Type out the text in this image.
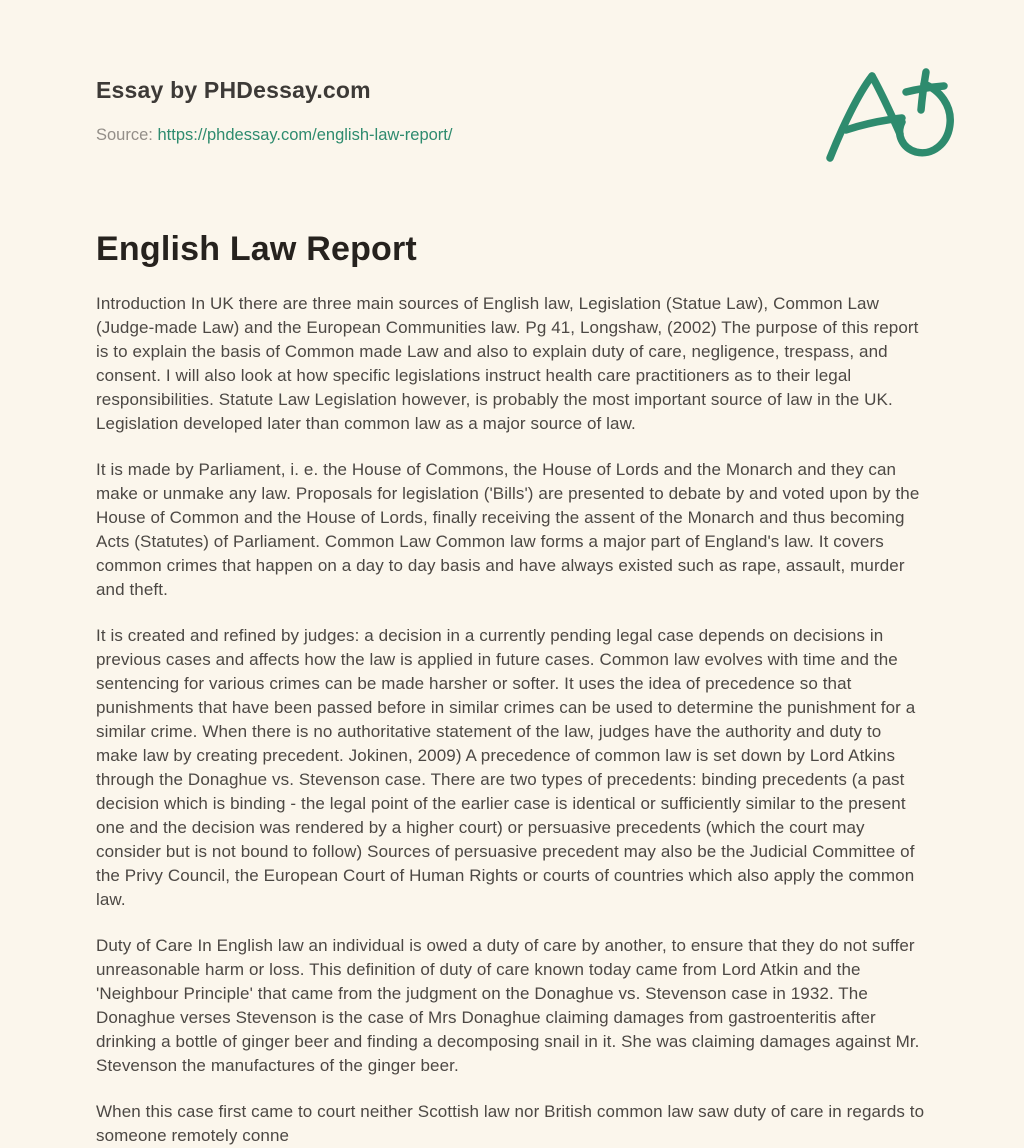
Essay by PHDessay.com
Source: https://phdessay.com/english-law-report/
English Law Report

Introduction In UK there are three main sources of English law, Legislation (Statue Law), Common Law (Judge-made Law) and the European Communities law. Pg 41, Longshaw, (2002) The purpose of this report is to explain the basis of Common made Law and also to explain duty of care, negligence, trespass, and consent. I will also look at how specific legislations instruct health care practitioners as to their legal responsibilities. Statute Law Legislation however, is probably the most important source of law in the UK. Legislation developed later than common law as a major source of law.

It is made by Parliament, i. e. the House of Commons, the House of Lords and the Monarch and they can make or unmake any law. Proposals for legislation ('Bills') are presented to debate by and voted upon by the House of Common and the House of Lords, finally receiving the assent of the Monarch and thus becoming Acts (Statutes) of Parliament. Common Law Common law forms a major part of England's law. It covers common crimes that happen on a day to day basis and have always existed such as rape, assault, murder and theft.

It is created and refined by judges: a decision in a currently pending legal case depends on decisions in previous cases and affects how the law is applied in future cases. Common law evolves with time and the sentencing for various crimes can be made harsher or softer. It uses the idea of precedence so that punishments that have been passed before in similar crimes can be used to determine the punishment for a similar crime. When there is no authoritative statement of the law, judges have the authority and duty to make law by creating precedent. Jokinen, 2009) A precedence of common law is set down by Lord Atkins through the Donaghue vs. Stevenson case. There are two types of precedents: binding precedents (a past decision which is binding - the legal point of the earlier case is identical or sufficiently similar to the present one and the decision was rendered by a higher court) or persuasive precedents (which the court may consider but is not bound to follow) Sources of persuasive precedent may also be the Judicial Committee of the Privy Council, the European Court of Human Rights or courts of countries which also apply the common law.

Duty of Care In English law an individual is owed a duty of care by another, to ensure that they do not suffer unreasonable harm or loss. This definition of duty of care known today came from Lord Atkin and the 'Neighbour Principle' that came from the judgment on the Donaghue vs. Stevenson case in 1932. The Donaghue verses Stevenson is the case of Mrs Donaghue claiming damages from gastroenteritis after drinking a bottle of ginger beer and finding a decomposing snail in it. She was claiming damages against Mr. Stevenson the manufactures of the ginger beer.

When this case first came to court neither Scottish law nor British common law saw duty of care in regards to someone remotely conne
